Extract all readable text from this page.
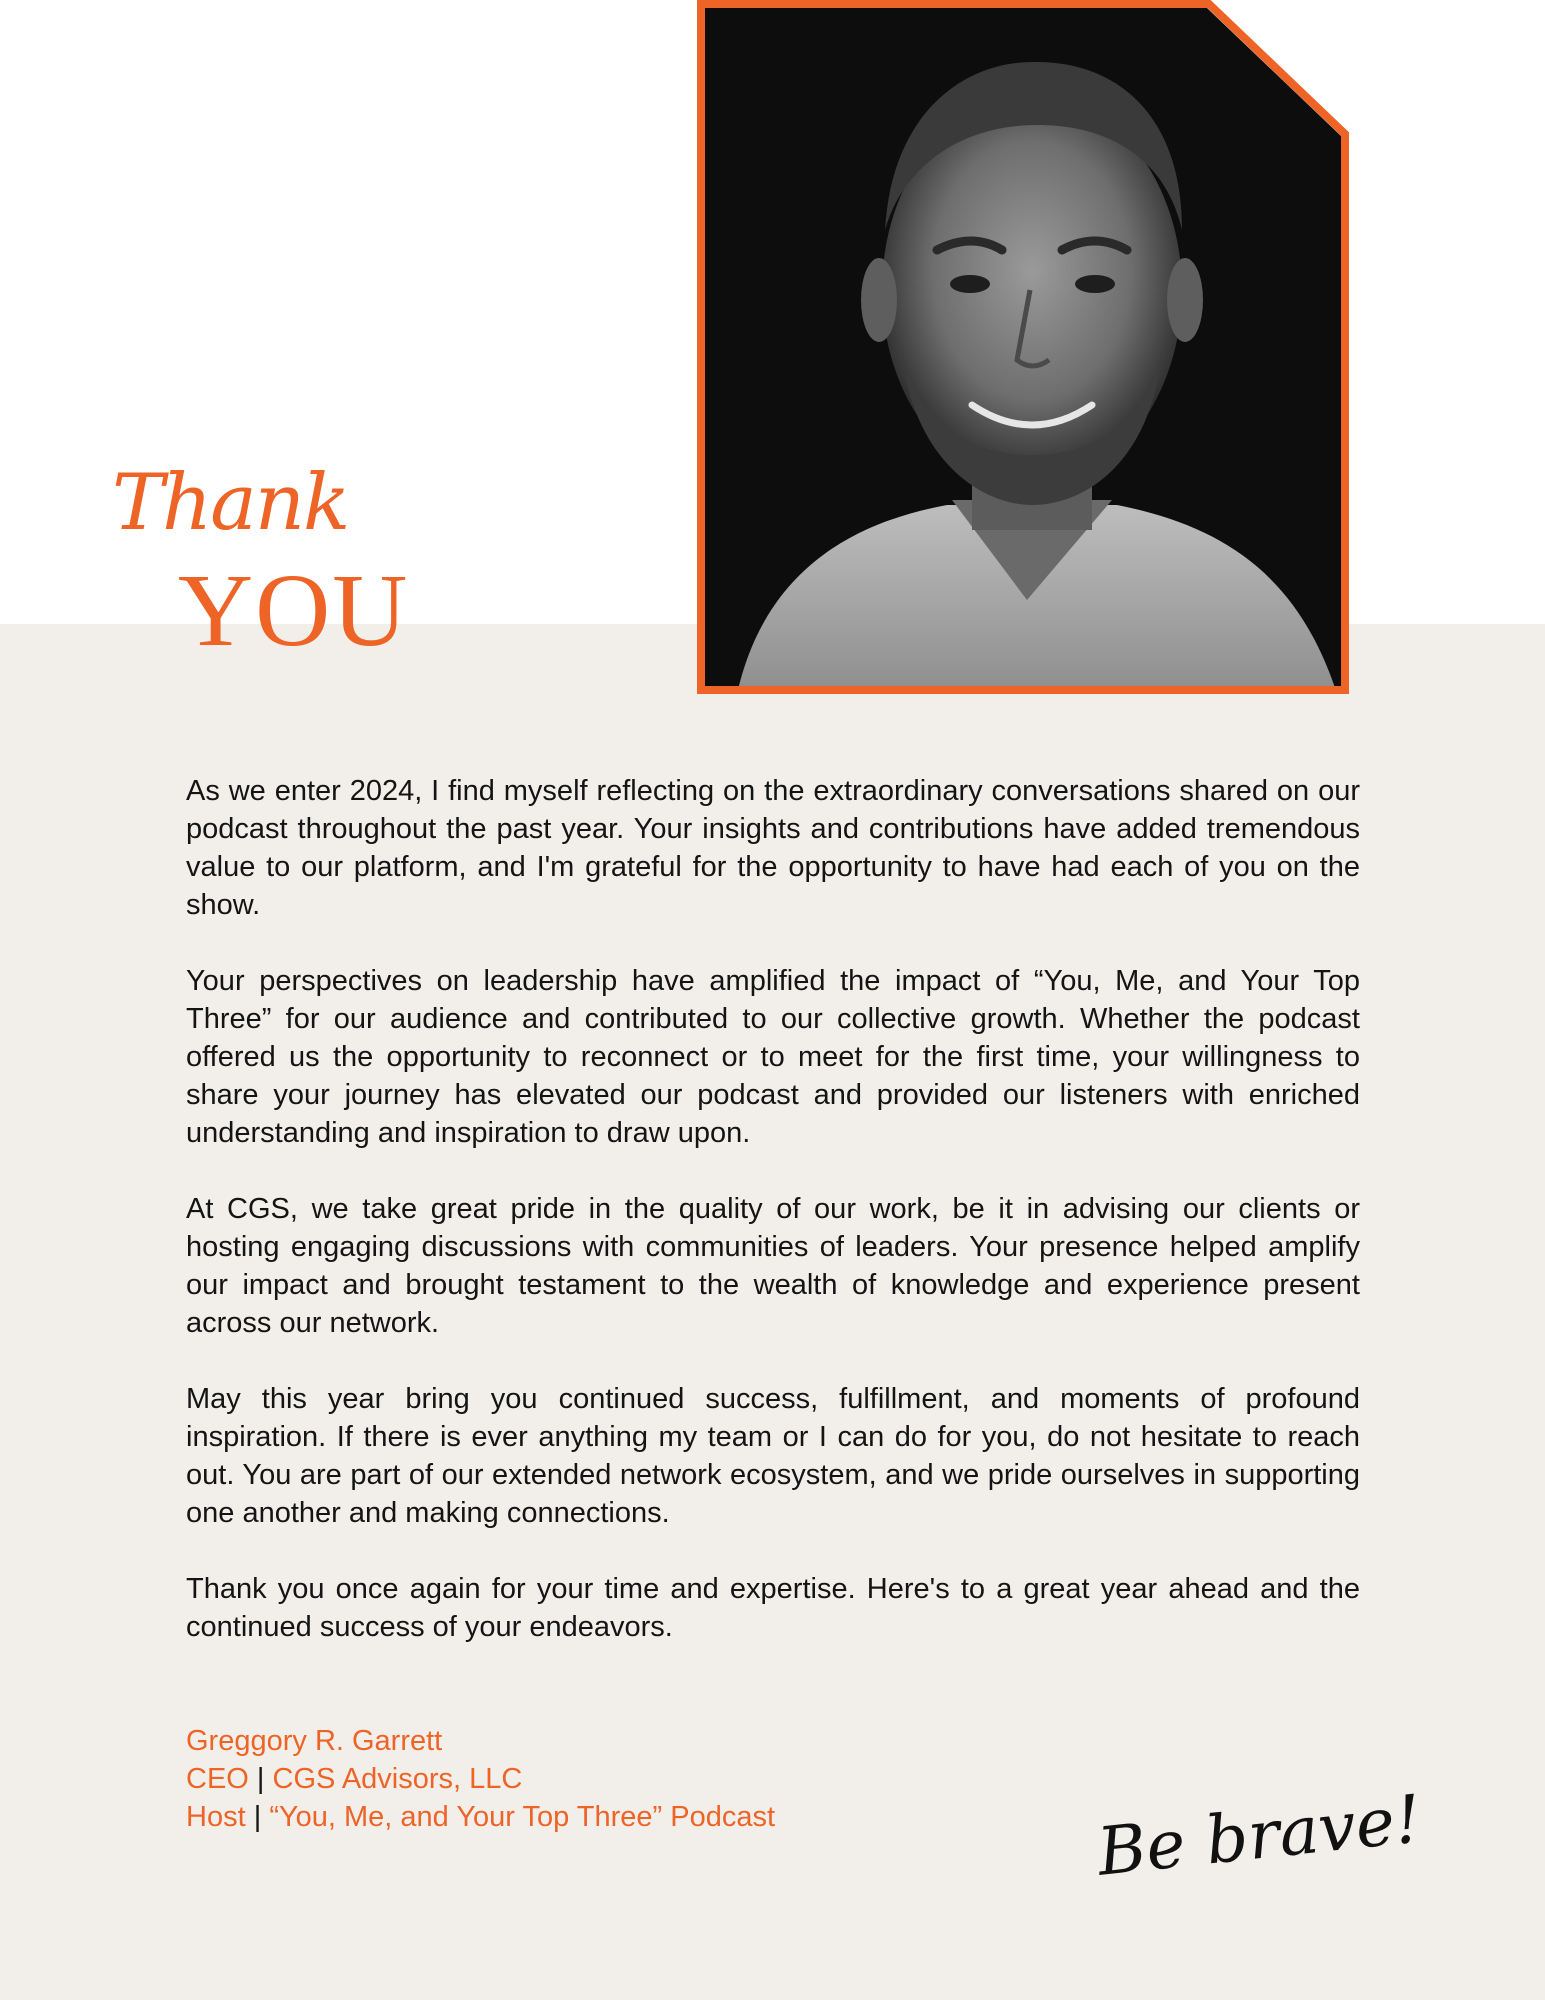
Thank
YOU

As we enter 2024, I find myself reflecting on the extraordinary conversations shared on our podcast throughout the past year. Your insights and contributions have added tremendous value to our platform, and I'm grateful for the opportunity to have had each of you on the show.

Your perspectives on leadership have amplified the impact of “You, Me, and Your Top Three” for our audience and contributed to our collective growth. Whether the podcast offered us the opportunity to reconnect or to meet for the first time, your willingness to share your journey has elevated our podcast and provided our listeners with enriched understanding and inspiration to draw upon.

At CGS, we take great pride in the quality of our work, be it in advising our clients or hosting engaging discussions with communities of leaders. Your presence helped amplify our impact and brought testament to the wealth of knowledge and experience present across our network.

May this year bring you continued success, fulfillment, and moments of profound inspiration. If there is ever anything my team or I can do for you, do not hesitate to reach out. You are part of our extended network ecosystem, and we pride ourselves in supporting one another and making connections.

Thank you once again for your time and expertise. Here's to a great year ahead and the continued success of your endeavors.

Greggory R. Garrett
CEO | CGS Advisors, LLC
Host | “You, Me, and Your Top Three” Podcast	Be brave!
